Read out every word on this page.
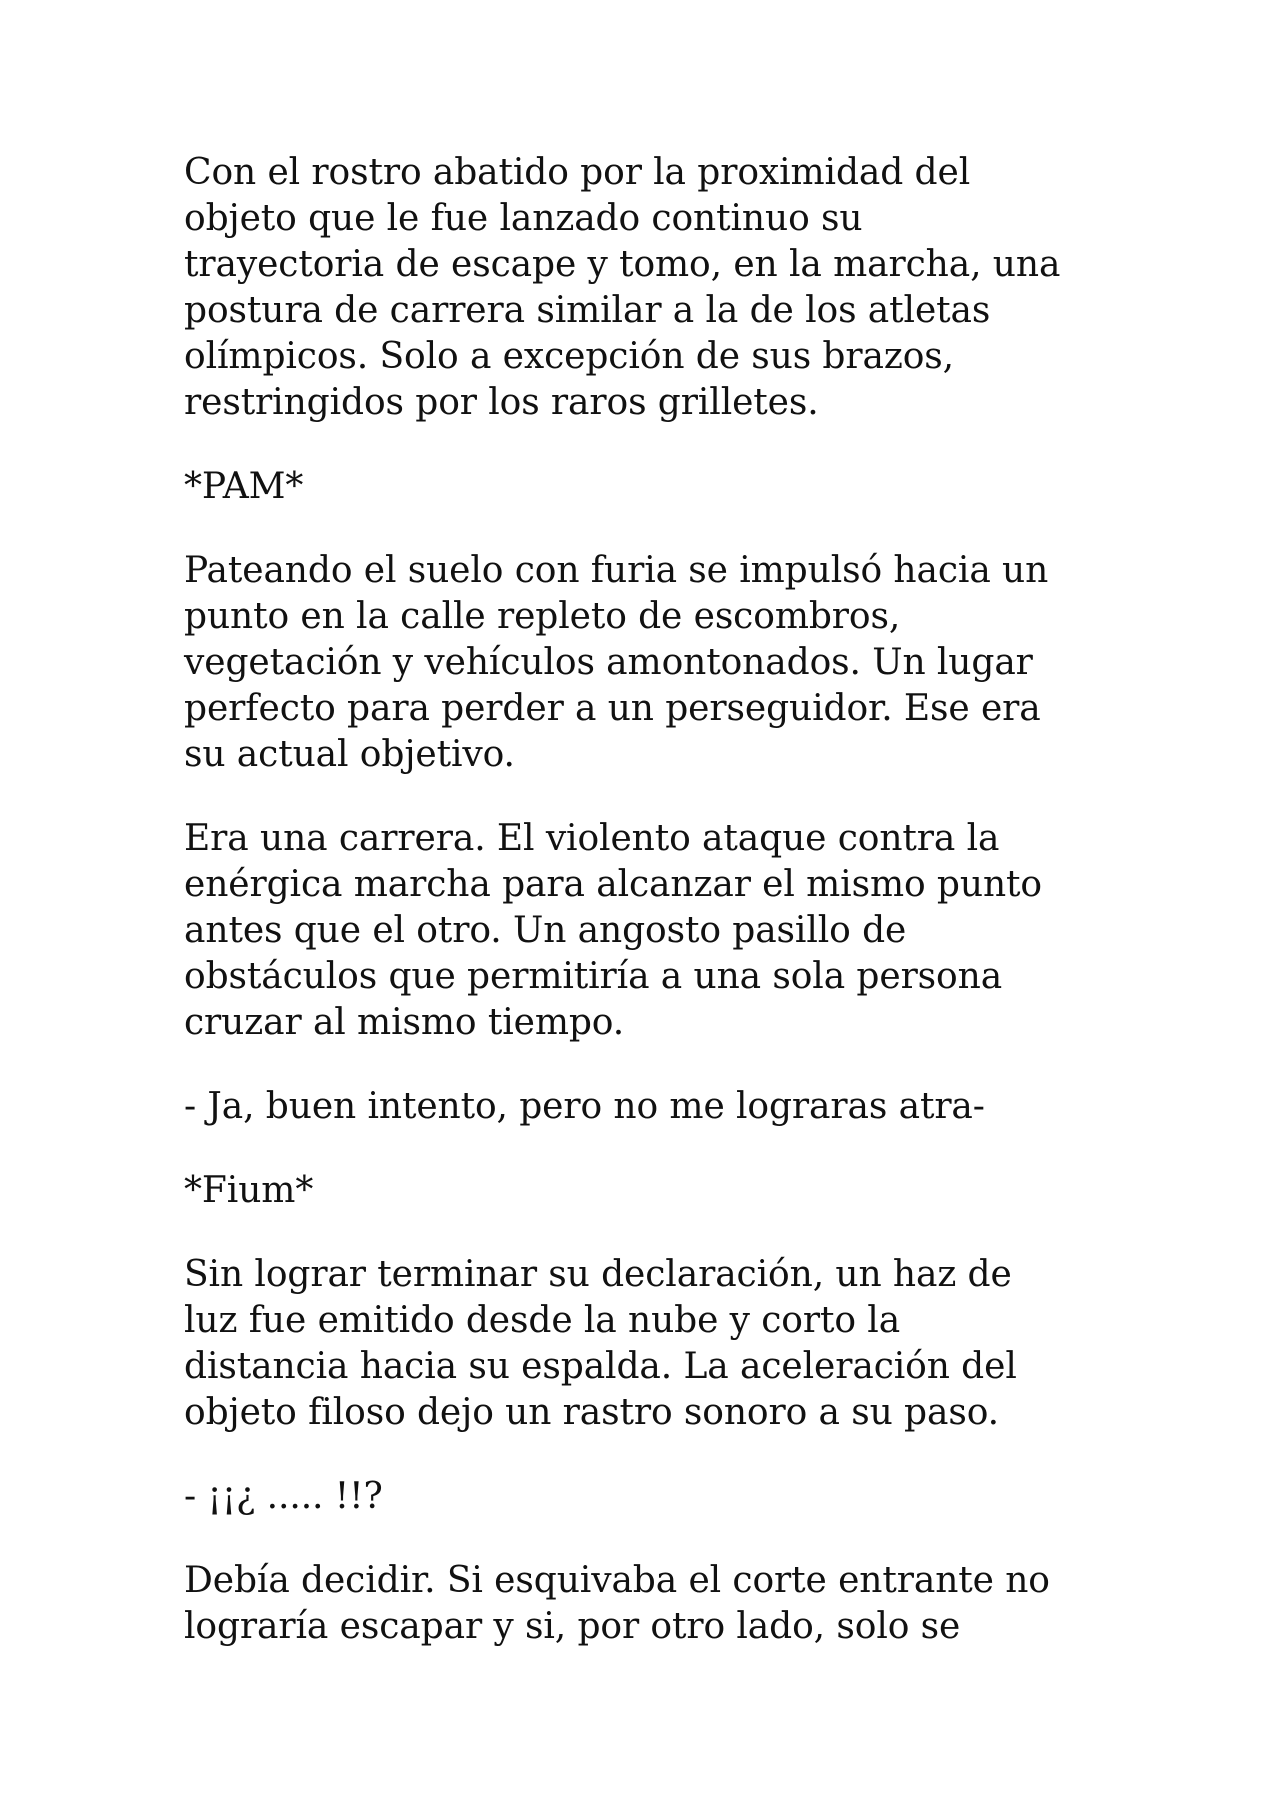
Con el rostro abatido por la proximidad del
objeto que le fue lanzado continuo su
trayectoria de escape y tomo, en la marcha, una
postura de carrera similar a la de los atletas
olímpicos. Solo a excepción de sus brazos,
restringidos por los raros grilletes.

*PAM*

Pateando el suelo con furia se impulsó hacia un
punto en la calle repleto de escombros,
vegetación y vehículos amontonados. Un lugar
perfecto para perder a un perseguidor. Ese era
su actual objetivo.

Era una carrera. El violento ataque contra la
enérgica marcha para alcanzar el mismo punto
antes que el otro. Un angosto pasillo de
obstáculos que permitiría a una sola persona
cruzar al mismo tiempo.

- Ja, buen intento, pero no me lograras atra-

*Fium*

Sin lograr terminar su declaración, un haz de
luz fue emitido desde la nube y corto la
distancia hacia su espalda. La aceleración del
objeto filoso dejo un rastro sonoro a su paso.

- ¡¡¿ ..... !!?

Debía decidir. Si esquivaba el corte entrante no
lograría escapar y si, por otro lado, solo se
